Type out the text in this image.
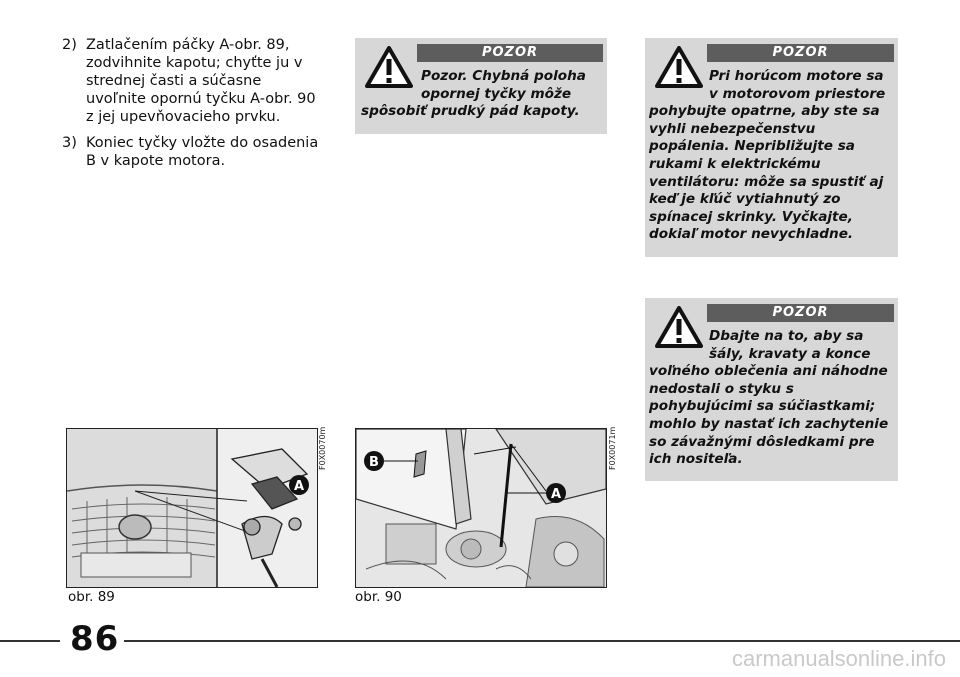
2) Zatlačením páčky A-obr. 89, zodvihnite kapotu; chyťte ju v strednej časti a súčasne uvoľnite opornú tyčku A-obr. 90 z jej upevňovacieho prvku.
3) Koniec tyčky vložte do osadenia B v kapote motora.
POZOR
Pozor. Chybná poloha opornej tyčky môže
spôsobiť prudký pád kapoty.
POZOR
Pri horúcom motore sa v motorovom priestore
pohybujte opatrne, aby ste sa vyhli nebezpečenstvu popálenia. Nepribližujte sa rukami k elektrickému ventilátoru: môže sa spustiť aj keď je kľúč vytiahnutý zo spínacej skrinky. Vyčkajte, dokiaľ motor nevychladne.
POZOR
Dbajte na to, aby sa šály, kravaty a konce
voľného oblečenia ani náhodne nedostali o styku s pohybujúcimi sa súčiastkami; mohlo by nastať ich zachytenie so závažnými dôsledkami pre ich nositeľa.
A
F0X0070m
obr. 89
B
A
F0X0071m
obr. 90
86	carmanualsonline.info
